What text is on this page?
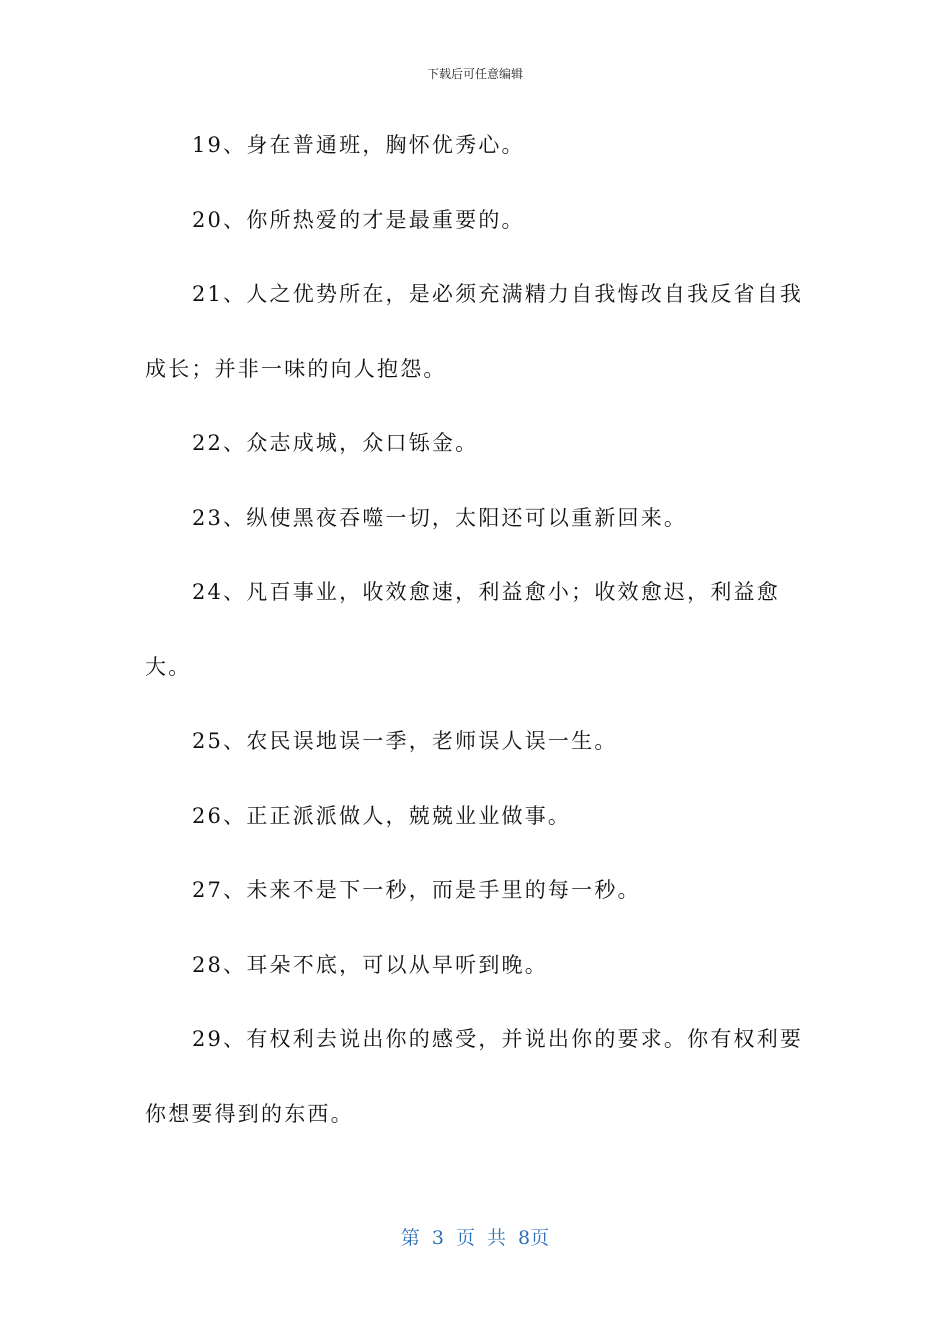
下载后可任意编辑

19、身在普通班，胸怀优秀心。

20、你所热爱的才是最重要的。

21、人之优势所在，是必须充满精力自我悔改自我反省自我成长；并非一味的向人抱怨。

22、众志成城，众口铄金。

23、纵使黑夜吞噬一切，太阳还可以重新回来。

24、凡百事业，收效愈速，利益愈小；收效愈迟，利益愈大。

25、农民误地误一季，老师误人误一生。

26、正正派派做人，兢兢业业做事。

27、未来不是下一秒，而是手里的每一秒。

28、耳朵不底，可以从早听到晚。

29、有权利去说出你的感受，并说出你的要求。你有权利要你想要得到的东西。

第 3 页 共 8页
